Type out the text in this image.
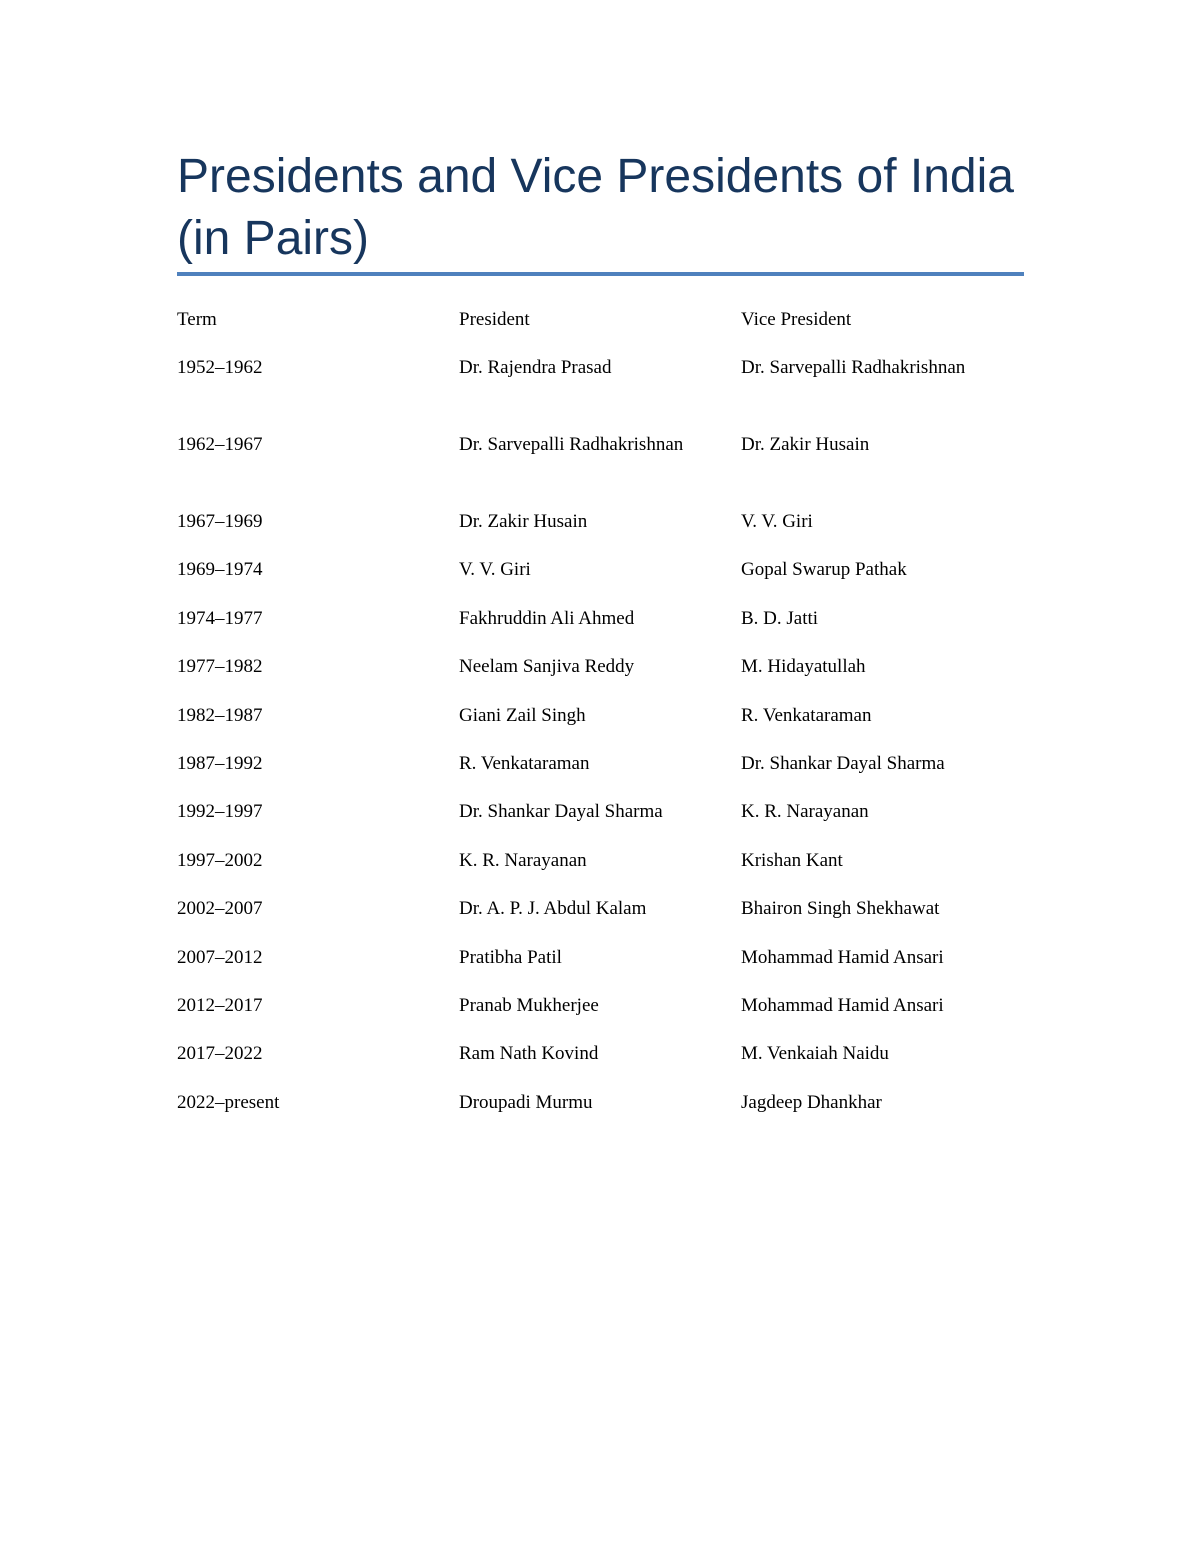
Presidents and Vice Presidents of India (in Pairs)
Term	President	Vice President
1952–1962	Dr. Rajendra Prasad	Dr. Sarvepalli Radhakrishnan
1962–1967	Dr. Sarvepalli Radhakrishnan	Dr. Zakir Husain
1967–1969	Dr. Zakir Husain	V. V. Giri
1969–1974	V. V. Giri	Gopal Swarup Pathak
1974–1977	Fakhruddin Ali Ahmed	B. D. Jatti
1977–1982	Neelam Sanjiva Reddy	M. Hidayatullah
1982–1987	Giani Zail Singh	R. Venkataraman
1987–1992	R. Venkataraman	Dr. Shankar Dayal Sharma
1992–1997	Dr. Shankar Dayal Sharma	K. R. Narayanan
1997–2002	K. R. Narayanan	Krishan Kant
2002–2007	Dr. A. P. J. Abdul Kalam	Bhairon Singh Shekhawat
2007–2012	Pratibha Patil	Mohammad Hamid Ansari
2012–2017	Pranab Mukherjee	Mohammad Hamid Ansari
2017–2022	Ram Nath Kovind	M. Venkaiah Naidu
2022–present	Droupadi Murmu	Jagdeep Dhankhar
